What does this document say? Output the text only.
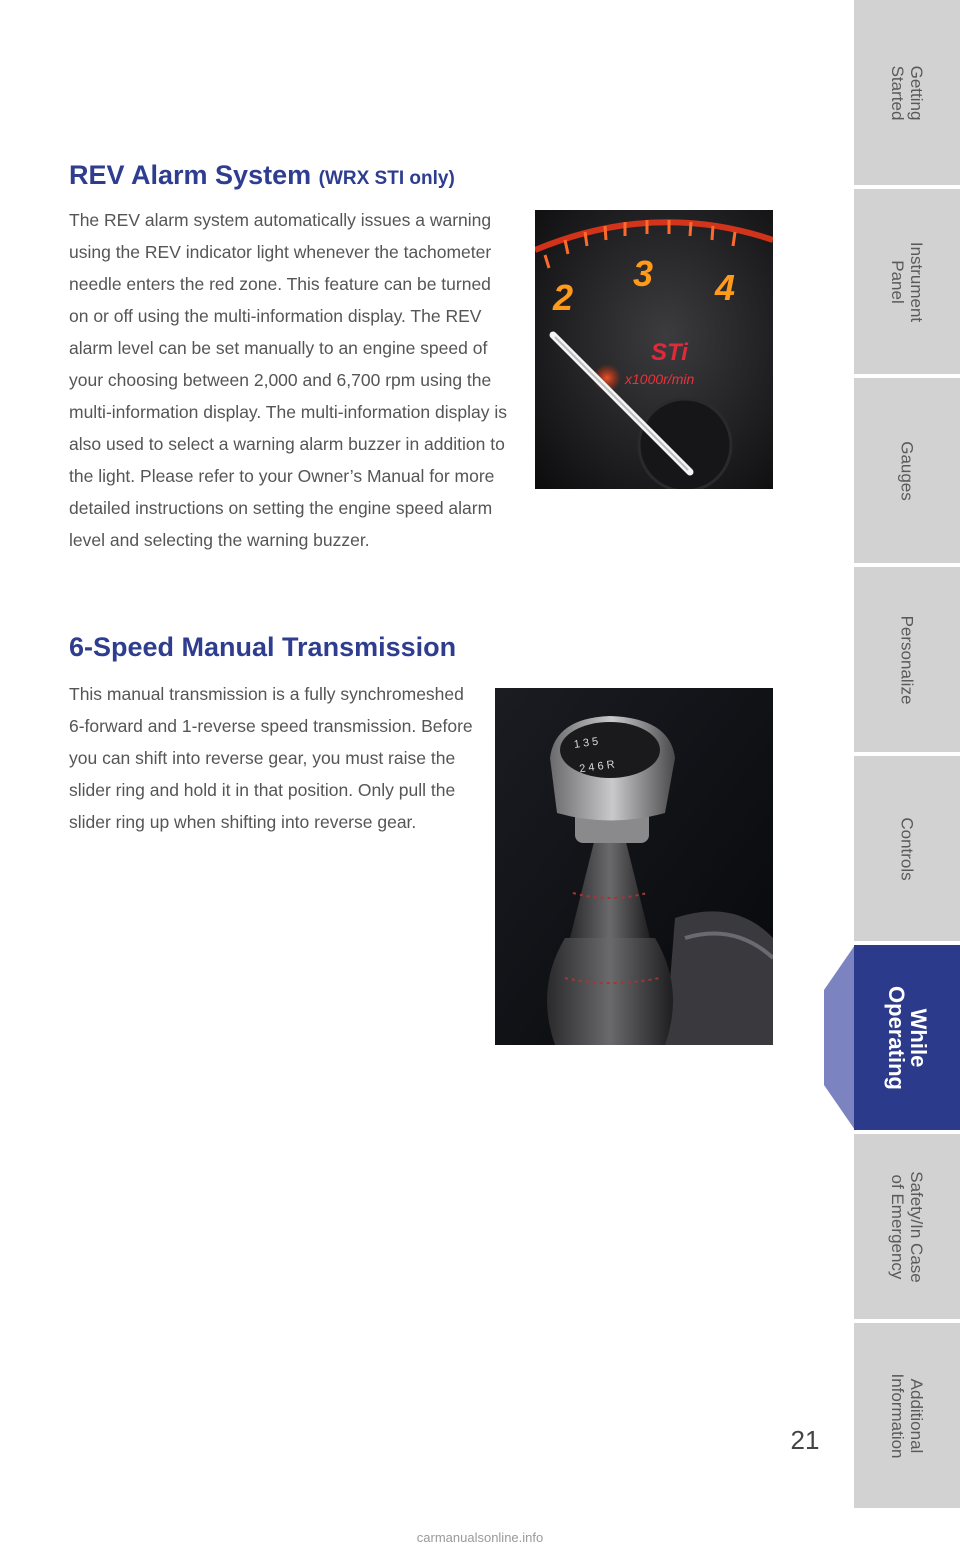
REV Alarm System (WRX STI only)

The REV alarm system automatically issues a warning using the REV indicator light whenever the tachometer needle enters the red zone. This feature can be turned on or off using the multi-information display. The REV alarm level can be set manually to an engine speed of your choosing between 2,000 and 6,700 rpm using the multi-information display. The multi-information display is also used to select a warning alarm buzzer in addition to the light. Please refer to your Owner’s Manual for more detailed instructions on setting the engine speed alarm level and selecting the warning buzzer.

2
3 4
STi
x1000r/min
6-Speed Manual Transmission

This manual transmission is a fully synchromeshed 6-forward and 1-reverse speed transmission. Before you can shift into reverse gear, you must raise the slider ring and hold it in that position. Only pull the slider ring up when shifting into reverse gear.

1 3 5
2 4 6 R
21
Getting
Started
Instrument
Panel
Gauges
Personalize
Controls
While
Operating
Safety/In Case
of Emergency
Additional
Information
carmanualsonline.info
